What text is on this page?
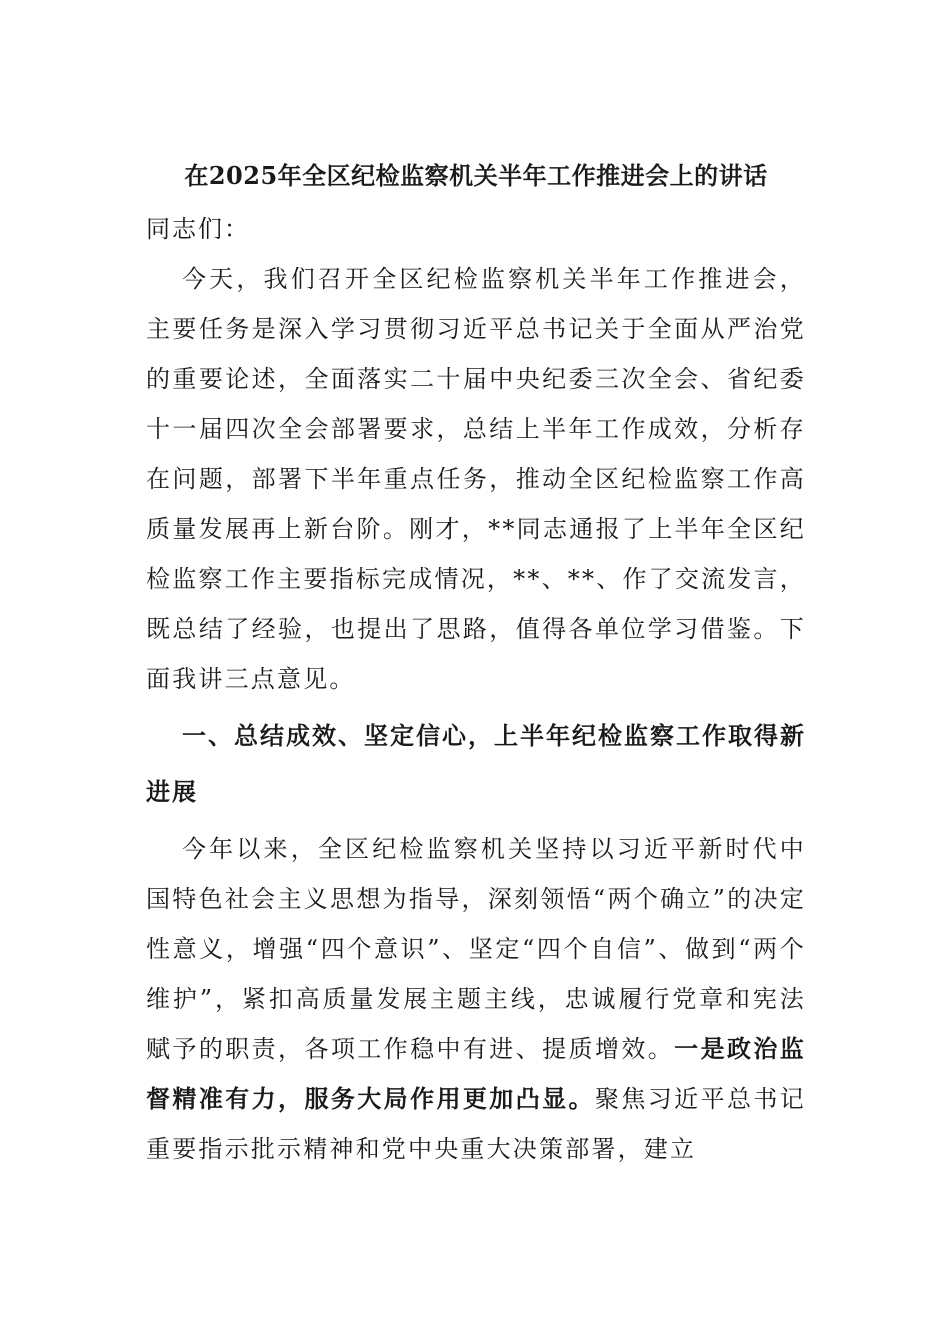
在2025年全区纪检监察机关半年工作推进会上的讲话

同志们：

今天，我们召开全区纪检监察机关半年工作推进会，主要任务是深入学习贯彻习近平总书记关于全面从严治党的重要论述，全面落实二十届中央纪委三次全会、省纪委十一届四次全会部署要求，总结上半年工作成效，分析存在问题，部署下半年重点任务，推动全区纪检监察工作高质量发展再上新台阶。刚才，**同志通报了上半年全区纪检监察工作主要指标完成情况，**、**、作了交流发言，既总结了经验，也提出了思路，值得各单位学习借鉴。下面我讲三点意见。

一、总结成效、坚定信心，上半年纪检监察工作取得新进展

今年以来，全区纪检监察机关坚持以习近平新时代中国特色社会主义思想为指导，深刻领悟“两个确立”的决定性意义，增强“四个意识”、坚定“四个自信”、做到“两个维护”，紧扣高质量发展主题主线，忠诚履行党章和宪法赋予的职责，各项工作稳中有进、提质增效。一是政治监督精准有力，服务大局作用更加凸显。聚焦习近平总书记重要指示批示精神和党中央重大决策部署，建立
